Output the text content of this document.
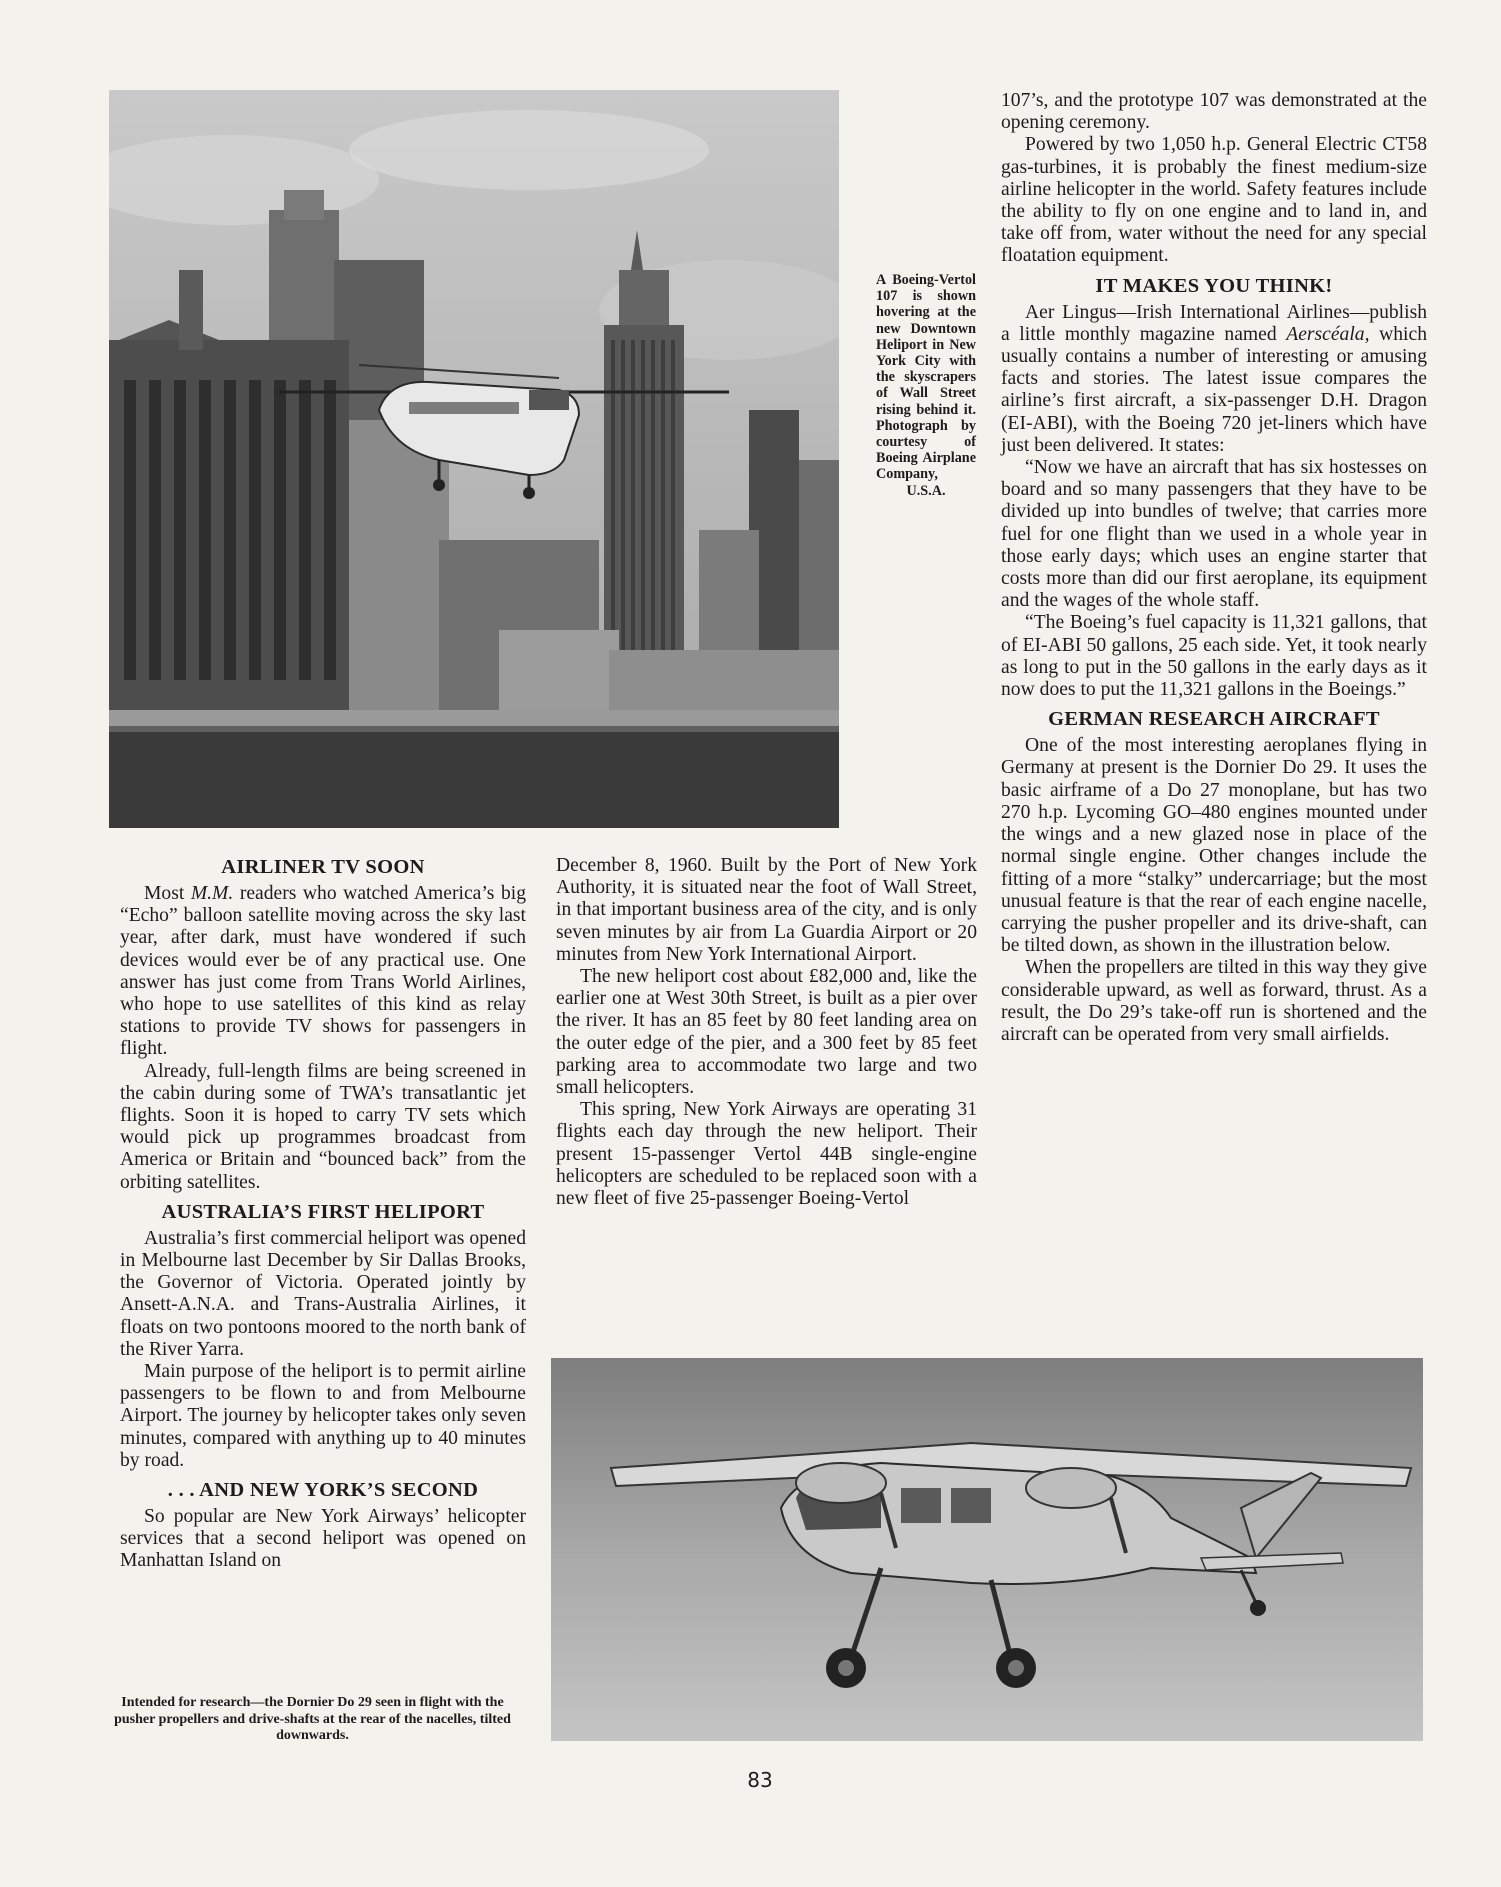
A Boeing-Vertol 107 is shown hovering at the new Downtown Heliport in New York City with the skyscrapers of Wall Street rising behind it. Photograph by courtesy of Boeing Airplane Company, U.S.A.
AIRLINER TV SOON

Most M.M. readers who watched America’s big “Echo” balloon satellite moving across the sky last year, after dark, must have wondered if such devices would ever be of any practical use. One answer has just come from Trans World Airlines, who hope to use satellites of this kind as relay stations to provide TV shows for passengers in flight.

Already, full-length films are being screened in the cabin during some of TWA’s transatlantic jet flights. Soon it is hoped to carry TV sets which would pick up programmes broadcast from America or Britain and “bounced back” from the orbiting satellites.

AUSTRALIA’S FIRST HELIPORT

Australia’s first commercial heliport was opened in Melbourne last December by Sir Dallas Brooks, the Governor of Victoria. Operated jointly by Ansett-A.N.A. and Trans-Australia Airlines, it floats on two pontoons moored to the north bank of the River Yarra.

Main purpose of the heliport is to permit airline passengers to be flown to and from Melbourne Airport. The journey by helicopter takes only seven minutes, compared with anything up to 40 minutes by road.

. . . AND NEW YORK’S SECOND

So popular are New York Airways’ helicopter services that a second heliport was opened on Manhattan Island on

December 8, 1960. Built by the Port of New York Authority, it is situated near the foot of Wall Street, in that important business area of the city, and is only seven minutes by air from La Guardia Airport or 20 minutes from New York International Airport.

The new heliport cost about £82,000 and, like the earlier one at West 30th Street, is built as a pier over the river. It has an 85 feet by 80 feet landing area on the outer edge of the pier, and a 300 feet by 85 feet parking area to accommodate two large and two small helicopters.

This spring, New York Airways are operating 31 flights each day through the new heliport. Their present 15-passenger Vertol 44B single-engine helicopters are scheduled to be replaced soon with a new fleet of five 25-passenger Boeing-Vertol

107’s, and the prototype 107 was demonstrated at the opening ceremony.

Powered by two 1,050 h.p. General Electric CT58 gas-turbines, it is probably the finest medium-size airline helicopter in the world. Safety features include the ability to fly on one engine and to land in, and take off from, water without the need for any special floatation equipment.

IT MAKES YOU THINK!

Aer Lingus—Irish International Airlines—publish a little monthly magazine named Aerscéala, which usually contains a number of interesting or amusing facts and stories. The latest issue compares the airline’s first aircraft, a six-passenger D.H. Dragon (EI-ABI), with the Boeing 720 jet-liners which have just been delivered. It states:

“Now we have an aircraft that has six hostesses on board and so many passengers that they have to be divided up into bundles of twelve; that carries more fuel for one flight than we used in a whole year in those early days; which uses an engine starter that costs more than did our first aeroplane, its equipment and the wages of the whole staff.

“The Boeing’s fuel capacity is 11,321 gallons, that of EI-ABI 50 gallons, 25 each side. Yet, it took nearly as long to put in the 50 gallons in the early days as it now does to put the 11,321 gallons in the Boeings.”

GERMAN RESEARCH AIRCRAFT

One of the most interesting aeroplanes flying in Germany at present is the Dornier Do 29. It uses the basic airframe of a Do 27 monoplane, but has two 270 h.p. Lycoming GO–480 engines mounted under the wings and a new glazed nose in place of the normal single engine. Other changes include the fitting of a more “stalky” undercarriage; but the most unusual feature is that the rear of each engine nacelle, carrying the pusher propeller and its drive-shaft, can be tilted down, as shown in the illustration below.

When the propellers are tilted in this way they give considerable upward, as well as forward, thrust. As a result, the Do 29’s take-off run is shortened and the aircraft can be operated from very small airfields.

Intended for research—the Dornier Do 29 seen in flight with the pusher propellers and drive-shafts at the rear of the nacelles, tilted downwards.
83
